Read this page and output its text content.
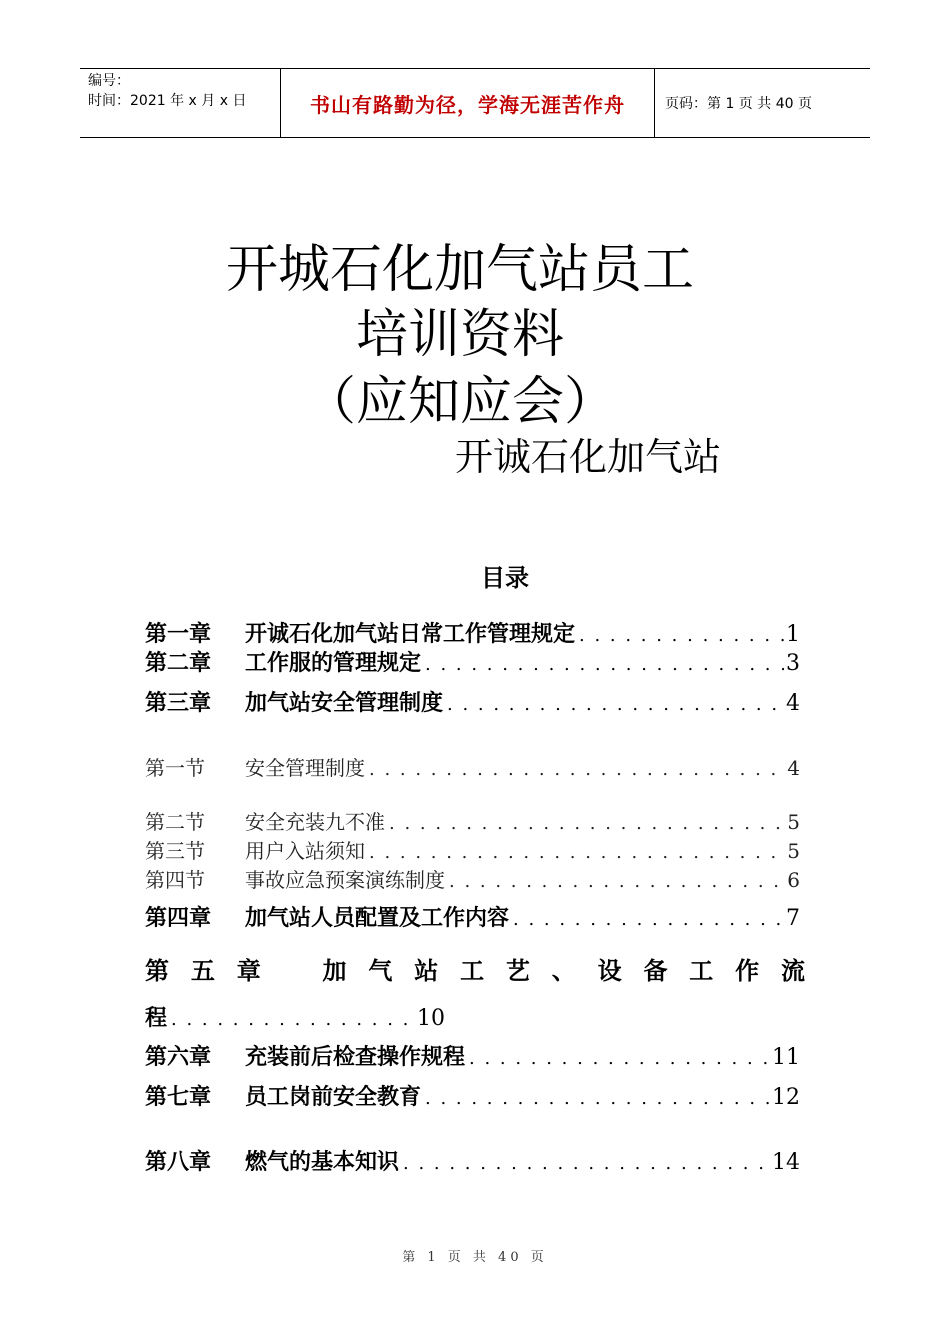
编号：
时间：2021 年 x 月 x 日	书山有路勤为径，学海无涯苦作舟	页码：第 1 页 共 40 页
开城石化加气站员工
培训资料
（应知应会）
开诚石化加气站
目录
第一章	开诚石化加气站日常工作管理规定 . . .	1
第二章	工作服的管理规定 . . .	3
第三章	加气站安全管理制度 . . .	4
第一节	安全管理制度 . . .	4
第二节	安全充装九不准 . . .	5
第三节	用户入站须知 . . .	5
第四节	事故应急预案演练制度 . . .	6
第四章	加气站人员配置及工作内容 . . .	7
第 五 章	加 气 站 工 艺 、 设 备 工 作 流
程 . . .	10
第六章	充装前后检查操作规程 . . .	11
第七章	员工岗前安全教育 . . .	12
第八章	燃气的基本知识 . . .	14
第 1 页 共 40 页
